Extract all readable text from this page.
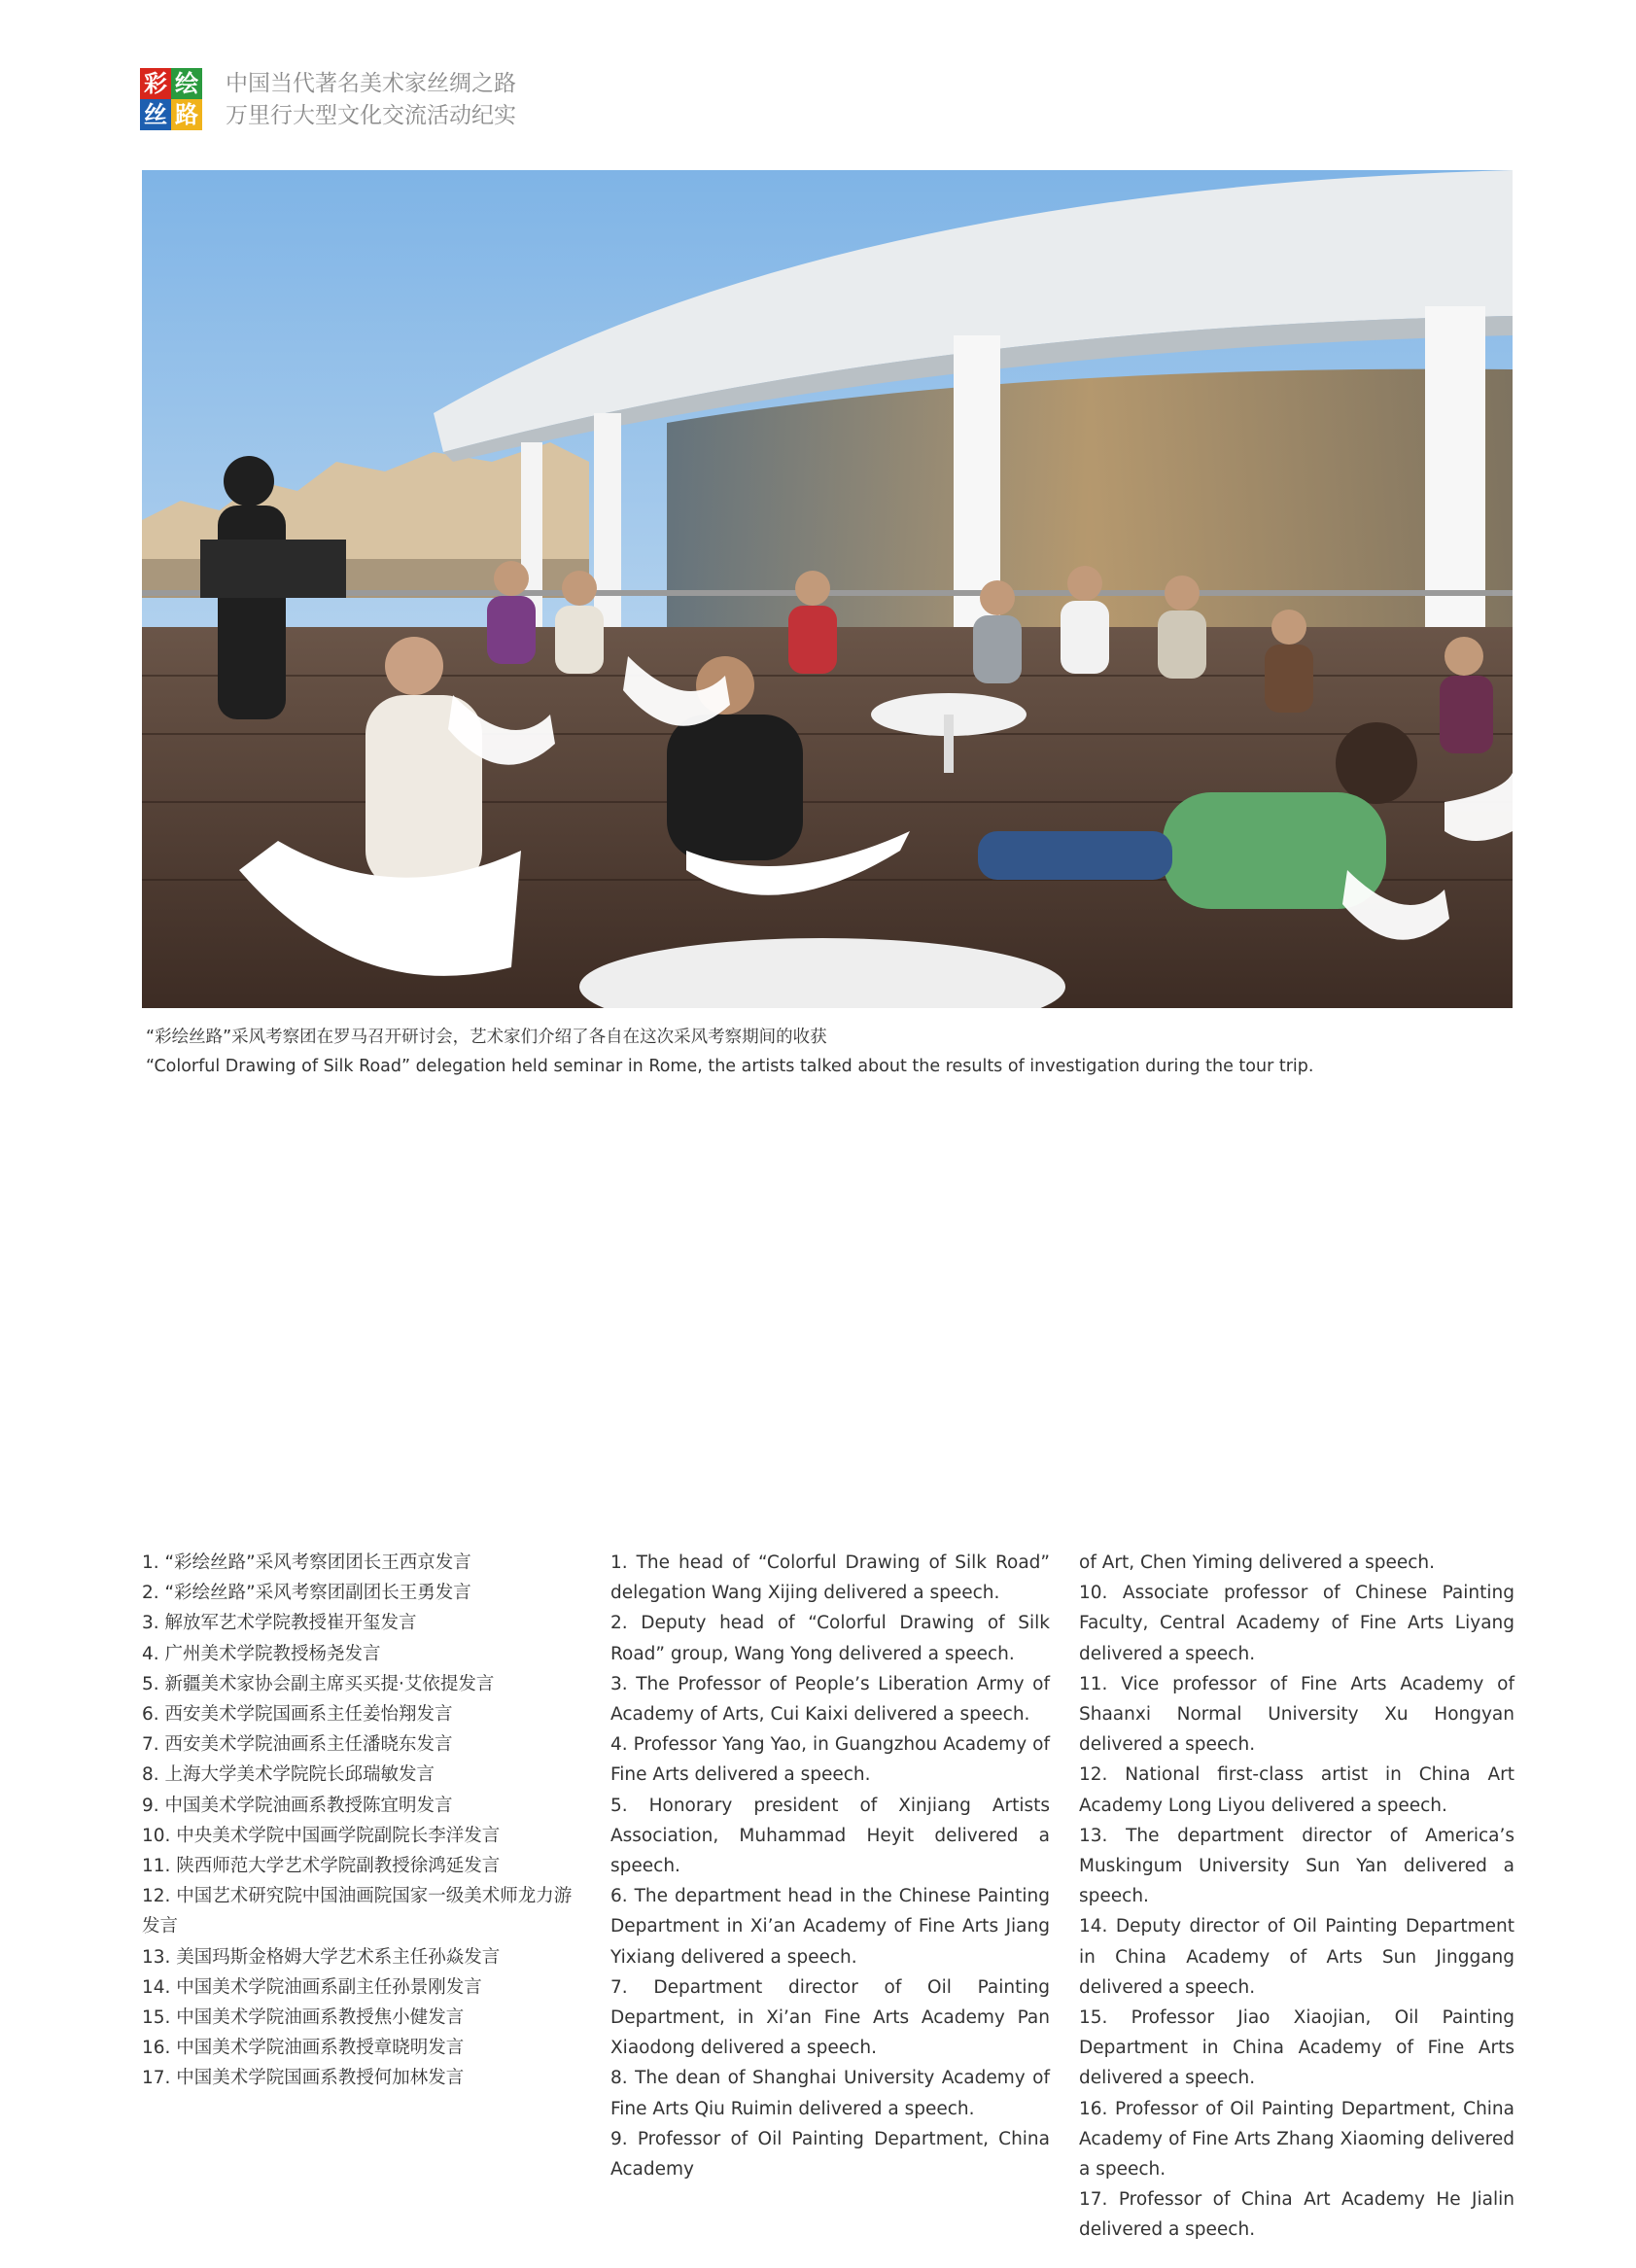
彩 绘
丝 路
中国当代著名美术家丝绸之路
万里行大型文化交流活动纪实
“彩绘丝路”采风考察团在罗马召开研讨会，艺术家们介绍了各自在这次采风考察期间的收获
“Colorful Drawing of Silk Road” delegation held seminar in Rome, the artists talked about the results of investigation during the tour trip.
1. “彩绘丝路”采风考察团团长王西京发言
2. “彩绘丝路”采风考察团副团长王勇发言
3. 解放军艺术学院教授崔开玺发言
4. 广州美术学院教授杨尧发言
5. 新疆美术家协会副主席买买提·艾依提发言
6. 西安美术学院国画系主任姜怡翔发言
7. 西安美术学院油画系主任潘晓东发言
8. 上海大学美术学院院长邱瑞敏发言
9. 中国美术学院油画系教授陈宜明发言
10. 中央美术学院中国画学院副院长李洋发言
11. 陕西师范大学艺术学院副教授徐鸿延发言
12. 中国艺术研究院中国油画院国家一级美术师龙力游发言
13. 美国玛斯金格姆大学艺术系主任孙焱发言
14. 中国美术学院油画系副主任孙景刚发言
15. 中国美术学院油画系教授焦小健发言
16. 中国美术学院油画系教授章晓明发言
17. 中国美术学院国画系教授何加林发言
1. The head of “Colorful Drawing of Silk Road” delegation Wang Xijing delivered a speech.
2. Deputy head of “Colorful Drawing of Silk Road” group, Wang Yong delivered a speech.
3. The Professor of People’s Liberation Army of Academy of Arts, Cui Kaixi delivered a speech.
4. Professor Yang Yao, in Guangzhou Academy of Fine Arts delivered a speech.
5. Honorary president of Xinjiang Artists Association, Muhammad Heyit delivered a speech.
6. The department head in the Chinese Painting Department in Xi’an Academy of Fine Arts Jiang Yixiang delivered a speech.
7. Department director of Oil Painting Department, in Xi’an Fine Arts Academy Pan Xiaodong delivered a speech.
8. The dean of Shanghai University Academy of Fine Arts Qiu Ruimin delivered a speech.
9. Professor of Oil Painting Department, China Academy
of Art, Chen Yiming delivered a speech.
10. Associate professor of Chinese Painting Faculty, Central Academy of Fine Arts Liyang delivered a speech.
11. Vice professor of Fine Arts Academy of Shaanxi Normal University Xu Hongyan delivered a speech.
12. National first-class artist in China Art Academy Long Liyou delivered a speech.
13. The department director of America’s Muskingum University Sun Yan delivered a speech.
14. Deputy director of Oil Painting Department in China Academy of Arts Sun Jinggang delivered a speech.
15. Professor Jiao Xiaojian, Oil Painting Department in China Academy of Fine Arts delivered a speech.
16. Professor of Oil Painting Department, China Academy of Fine Arts Zhang Xiaoming delivered a speech.
17. Professor of China Art Academy He Jialin delivered a speech.
